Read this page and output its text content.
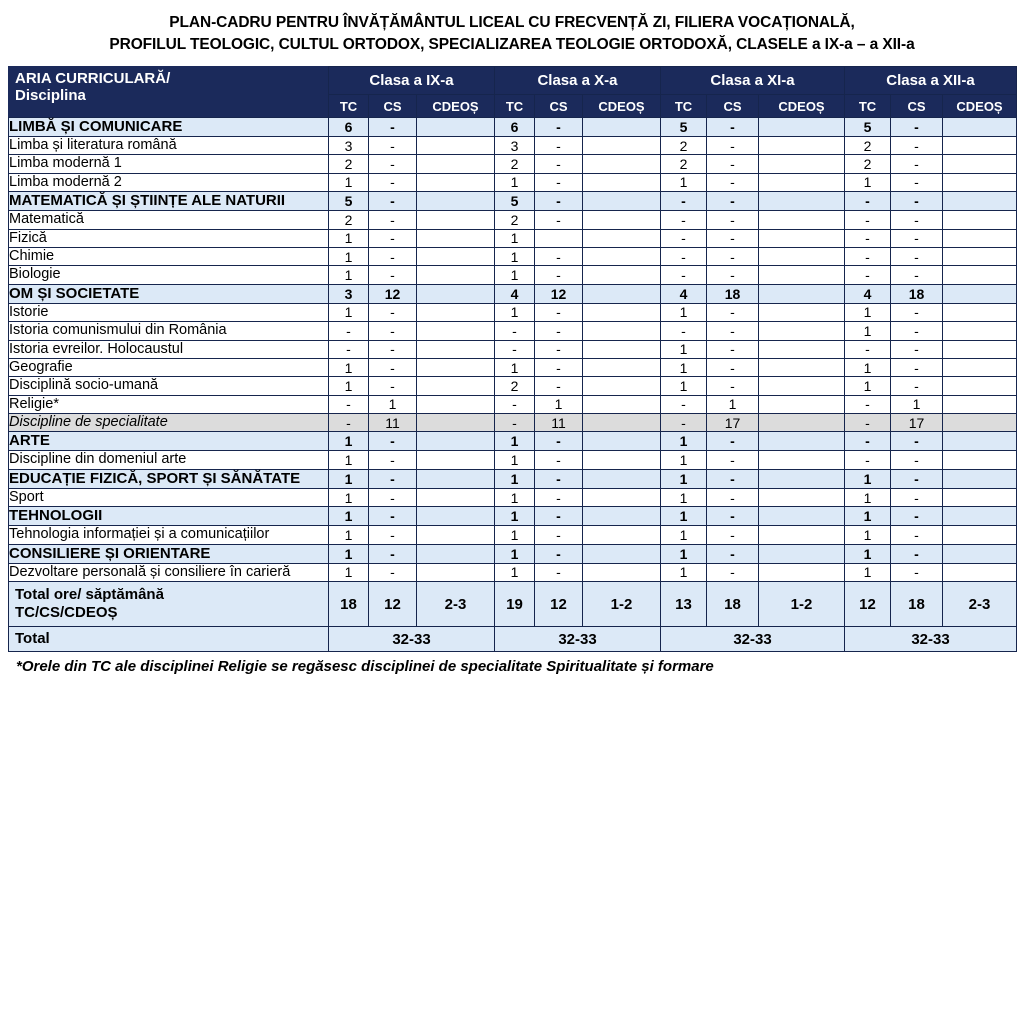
PLAN-CADRU PENTRU ÎNVĂȚĂMÂNTUL LICEAL CU FRECVENȚĂ ZI, FILIERA VOCAȚIONALĂ,
PROFILUL TEOLOGIC, CULTUL ORTODOX, SPECIALIZAREA TEOLOGIE ORTODOXĂ, CLASELE a IX-a – a XII-a
ARIA CURRICULARĂ/
Disciplina	Clasa a IX-a			Clasa a X-a			Clasa a XI-a			Clasa a XII-a		
	TC	CS	CDEOȘ	TC	CS	CDEOȘ	TC	CS	CDEOȘ	TC	CS	CDEOȘ
LIMBĂ ȘI COMUNICARE	6	-		6	-		5	-		5	-	
Limba și literatura română	3	-		3	-		2	-		2	-	
Limba modernă 1	2	-		2	-		2	-		2	-	
Limba modernă 2	1	-		1	-		1	-		1	-	
MATEMATICĂ ȘI ȘTIINȚE ALE NATURII	5	-		5	-		-	-		-	-	
Matematică	2	-		2	-		-	-		-	-	
Fizică	1	-		1			-	-		-	-	
Chimie	1	-		1	-		-	-		-	-	
Biologie	1	-		1	-		-	-		-	-	
OM ȘI SOCIETATE	3	12		4	12		4	18		4	18	
Istorie	1	-		1	-		1	-		1	-	
Istoria comunismului din România	-	-		-	-		-	-		1	-	
Istoria evreilor. Holocaustul	-	-		-	-		1	-		-	-	
Geografie	1	-		1	-		1	-		1	-	
Disciplină socio-umană	1	-		2	-		1	-		1	-	
Religie*	-	1		-	1		-	1		-	1	
Discipline de specialitate	-	11		-	11		-	17		-	17	
ARTE	1	-		1	-		1	-		-	-	
Discipline din domeniul arte	1	-		1	-		1	-		-	-	
EDUCAȚIE FIZICĂ, SPORT ȘI SĂNĂTATE	1	-		1	-		1	-		1	-	
Sport	1	-		1	-		1	-		1	-	
TEHNOLOGII	1	-		1	-		1	-		1	-	
Tehnologia informației și a comunicațiilor	1	-		1	-		1	-		1	-	
CONSILIERE ȘI ORIENTARE	1	-		1	-		1	-		1	-	
Dezvoltare personală și consiliere în carieră	1	-		1	-		1	-		1	-	

Total ore/ săptămână
TC/CS/CDEOȘ	18	12	2-3	19	12	1-2	13	18	1-2	12	18	2-3
Total	32-33			32-33			32-33			32-33		
*Orele din TC ale disciplinei Religie se regăsesc disciplinei de specialitate Spiritualitate și formare
